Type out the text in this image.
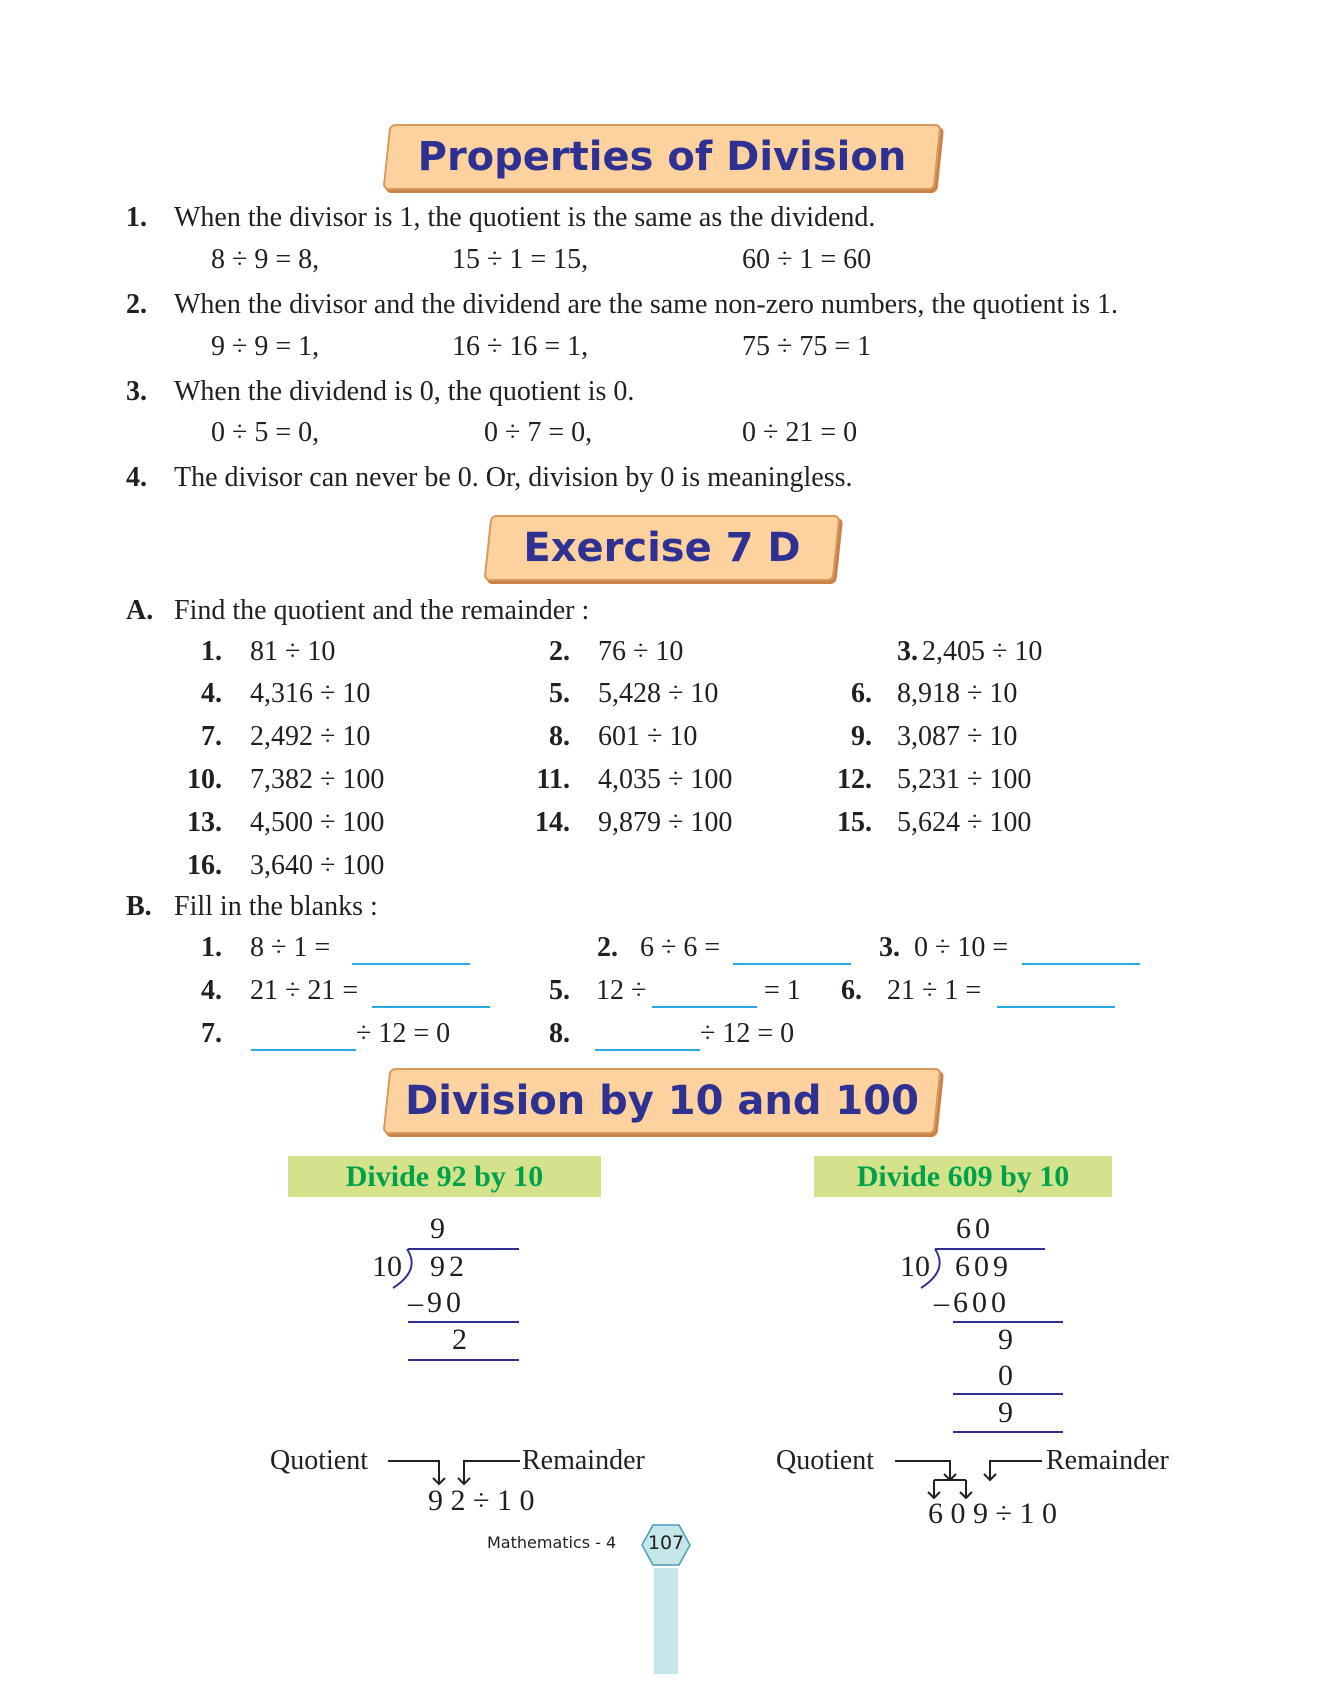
Properties of Division
1. When the divisor is 1, the quotient is the same as the dividend.
8 ÷ 9 = 8,	15 ÷ 1 = 15,	60 ÷ 1 = 60
2. When the divisor and the dividend are the same non-zero numbers, the quotient is 1.
9 ÷ 9 = 1,	16 ÷ 16 = 1,	75 ÷ 75 = 1
3. When the dividend is 0, the quotient is 0.
0 ÷ 5 = 0,	0 ÷ 7 = 0,	0 ÷ 21 = 0
4. The divisor can never be 0. Or, division by 0 is meaningless.
Exercise 7 D
A. Find the quotient and the remainder :
1. 81 ÷ 10	2. 76 ÷ 10	3. 2,405 ÷ 10
4. 4,316 ÷ 10	5. 5,428 ÷ 10	6. 8,918 ÷ 10
7. 2,492 ÷ 10	8. 601 ÷ 10	9. 3,087 ÷ 10
10. 7,382 ÷ 100	11. 4,035 ÷ 100	12. 5,231 ÷ 100
13. 4,500 ÷ 100	14. 9,879 ÷ 100	15. 5,624 ÷ 100
16. 3,640 ÷ 100
B. Fill in the blanks :
1. 8 ÷ 1 =	2. 6 ÷ 6 =	3. 0 ÷ 10 =
4. 21 ÷ 21 =	5. 12 ÷	= 1	6. 21 ÷ 1 =
7.	÷ 12 = 0	8.	÷ 12 = 0
Division by 10 and 100
Divide 92 by 10
9
10 92
–90
2
Quotient	Remainder
9 2 ÷ 1 0
Divide 609 by 10
60
10 609
–600
9
0
9
Quotient	Remainder
6 0 9 ÷ 1 0
Mathematics - 4	107
